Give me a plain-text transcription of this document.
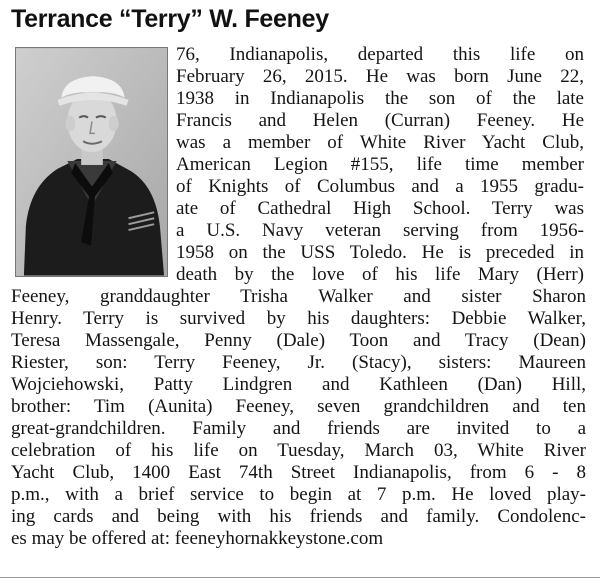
Terrance “Terry” W. Feeney
76, Indianapolis, departed this life on
February 26, 2015. He was born June 22,
1938 in Indianapolis the son of the late
Francis and Helen (Curran) Feeney. He
was a member of White River Yacht Club,
American Legion #155, life time member
of Knights of Columbus and a 1955 gradu-
ate of Cathedral High School. Terry was
a U.S. Navy veteran serving from 1956-
1958 on the USS Toledo. He is preceded in
death by the love of his life Mary (Herr)
Feeney, granddaughter Trisha Walker and sister Sharon
Henry. Terry is survived by his daughters: Debbie Walker,
Teresa Massengale, Penny (Dale) Toon and Tracy (Dean)
Riester, son: Terry Feeney, Jr. (Stacy), sisters: Maureen
Wojciehowski, Patty Lindgren and Kathleen (Dan) Hill,
brother: Tim (Aunita) Feeney, seven grandchildren and ten
great-grandchildren. Family and friends are invited to a
celebration of his life on Tuesday, March 03, White River
Yacht Club, 1400 East 74th Street Indianapolis, from 6 - 8
p.m., with a brief service to begin at 7 p.m. He loved play-
ing cards and being with his friends and family. Condolenc-
es may be offered at: feeneyhornakkeystone.com
